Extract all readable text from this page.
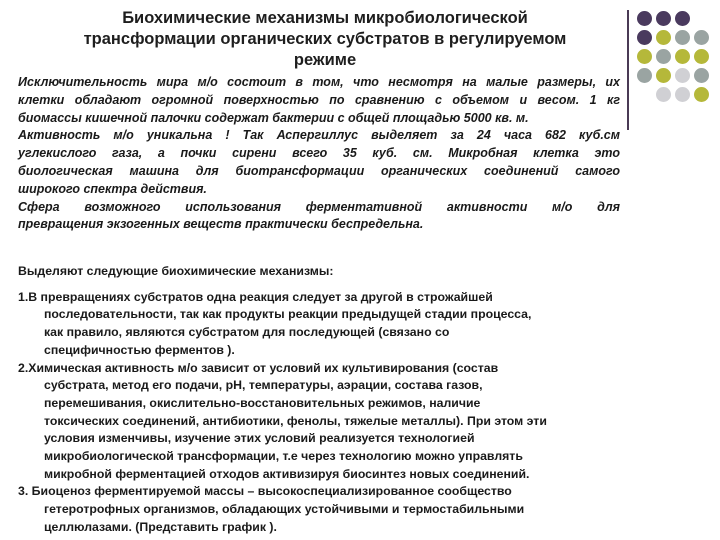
Биохимические механизмы микробиологической
трансформации органических субстратов в регулируемом
режиме
Исключительность мира м/о состоит в том, что несмотря на малые размеры, их
клетки обладают огромной поверхностью по сравнению с объемом и весом. 1 кг
биомассы кишечной палочки содержат бактерии с общей площадью 5000 кв. м.
Активность м/о уникальна ! Так Аспергиллус выделяет за 24 часа 682 куб.см
углекислого газа, а почки сирени всего 35 куб. см. Микробная клетка это
биологическая машина для биотрансформации органических соединений самого
широкого спектра действия.
Сфера возможного использования ферментативной активности м/о для
превращения экзогенных веществ практически беспредельна.
Выделяют следующие биохимические механизмы:
1.В превращениях субстратов одна реакция следует за другой в строжайшей
последовательности, так как продукты реакции предыдущей стадии процесса,
как правило, являются субстратом для последующей (связано со
специфичностью ферментов ).
2.Химическая активность м/о зависит от условий их культивирования (состав
субстрата, метод его подачи, рН, температуры, аэрации, состава газов,
перемешивания, окислительно-восстановительных режимов, наличие
токсических соединений, антибиотики, фенолы, тяжелые металлы). При этом эти
условия изменчивы, изучение этих условий реализуется технологией
микробиологической трансформации, т.е через технологию можно управлять
микробной ферментацией отходов активизируя биосинтез новых соединений.
3. Биоценоз ферментируемой массы – высокоспециализированное сообщество
гетеротрофных организмов, обладающих устойчивыми и термостабильными
целлюлазами. (Представить график ).
